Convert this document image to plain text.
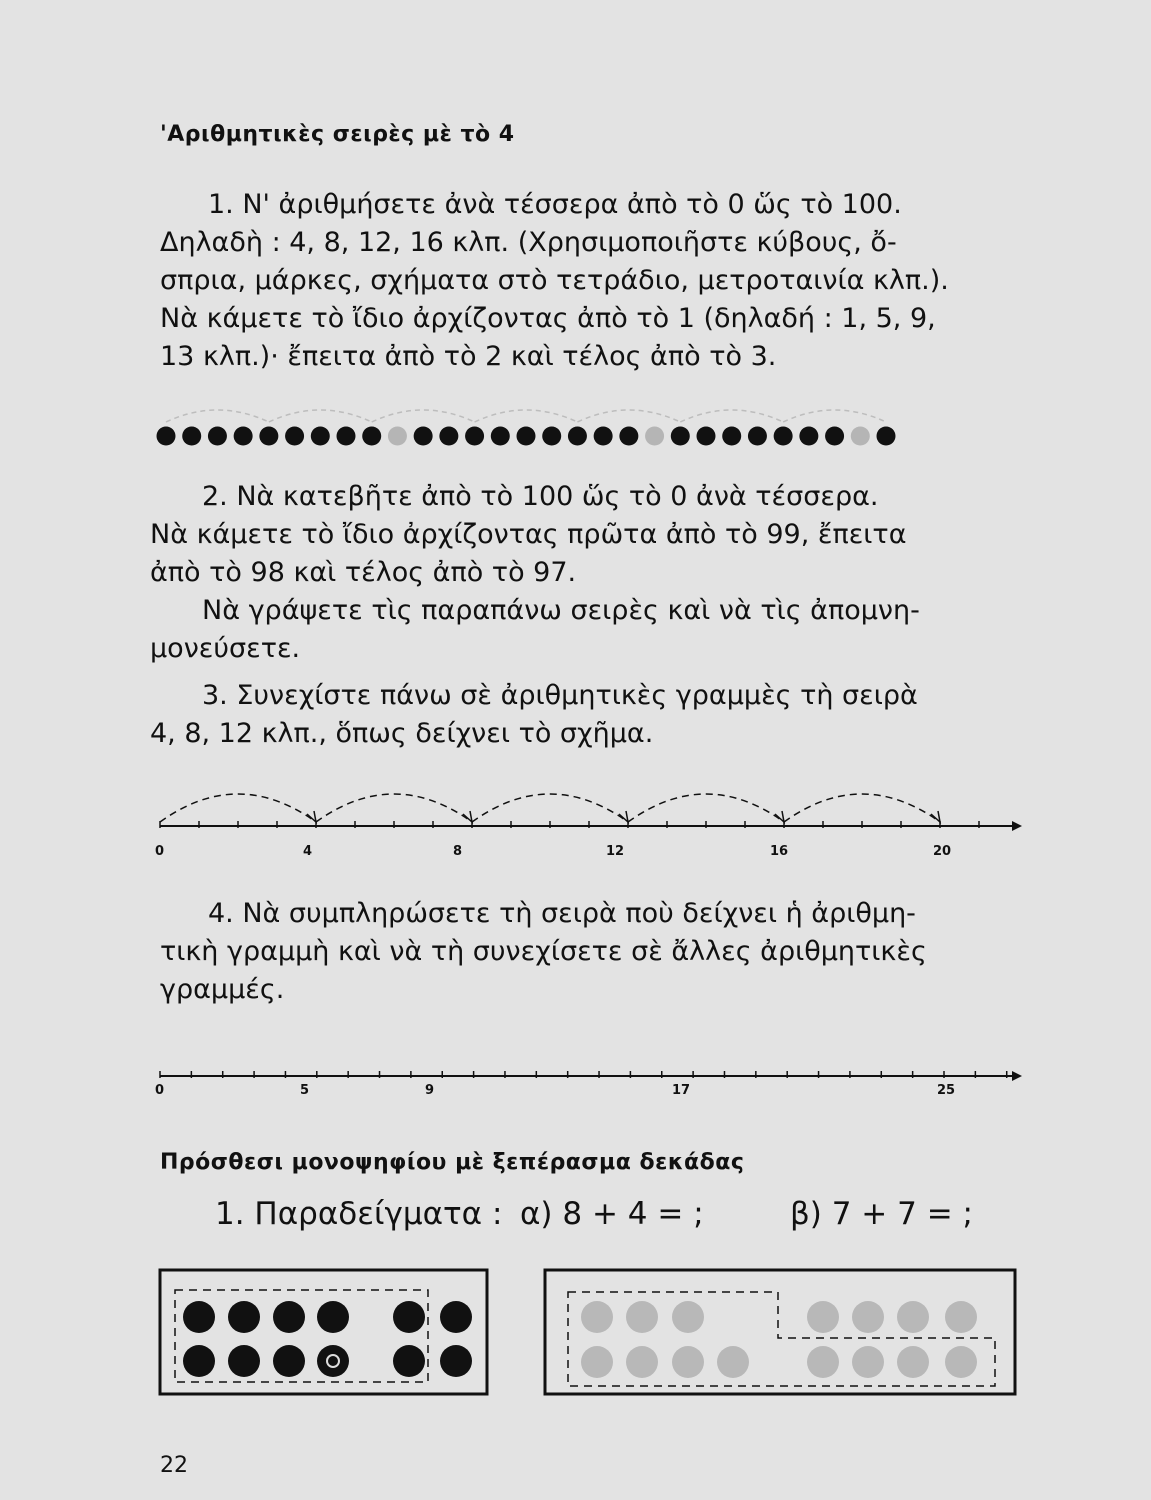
'Αριθμητικὲς σειρὲς μὲ τὸ 4
1. Ν' ἀριθμήσετε ἀνὰ τέσσερα ἀπὸ τὸ 0 ὥς τὸ 100.
Δηλαδὴ : 4, 8, 12, 16 κλπ. (Χρησιμοποιῆστε κύβους, ὄ-
σπρια, μάρκες, σχήματα στὸ τετράδιο, μετροταινία κλπ.).
Νὰ κάμετε τὸ ἴδιο ἀρχίζοντας ἀπὸ τὸ 1 (δηλαδή : 1, 5, 9,
13 κλπ.)· ἔπειτα ἀπὸ τὸ 2 καὶ τέλος ἀπὸ τὸ 3.
2. Νὰ κατεβῆτε ἀπὸ τὸ 100 ὥς τὸ 0 ἀνὰ τέσσερα.
Νὰ κάμετε τὸ ἴδιο ἀρχίζοντας πρῶτα ἀπὸ τὸ 99, ἔπειτα
ἀπὸ τὸ 98 καὶ τέλος ἀπὸ τὸ 97.
Νὰ γράψετε τὶς παραπάνω σειρὲς καὶ νὰ τὶς ἀπομνη-
μονεύσετε.
3. Συνεχίστε πάνω σὲ ἀριθμητικὲς γραμμὲς τὴ σειρὰ
4, 8, 12 κλπ., ὅπως δείχνει τὸ σχῆμα.
0	4	8	12	16	20
4. Νὰ συμπληρώσετε τὴ σειρὰ ποὺ δείχνει ἡ ἀριθμη-
τικὴ γραμμὴ καὶ νὰ τὴ συνεχίσετε σὲ ἄλλες ἀριθμητικὲς
γραμμές.
0	5	9	17	25
Πρόσθεσι μονοψηφίου μὲ ξεπέρασμα δεκάδας
1. Παραδείγματα : α) 8 + 4 = ;	β) 7 + 7 = ;
22
